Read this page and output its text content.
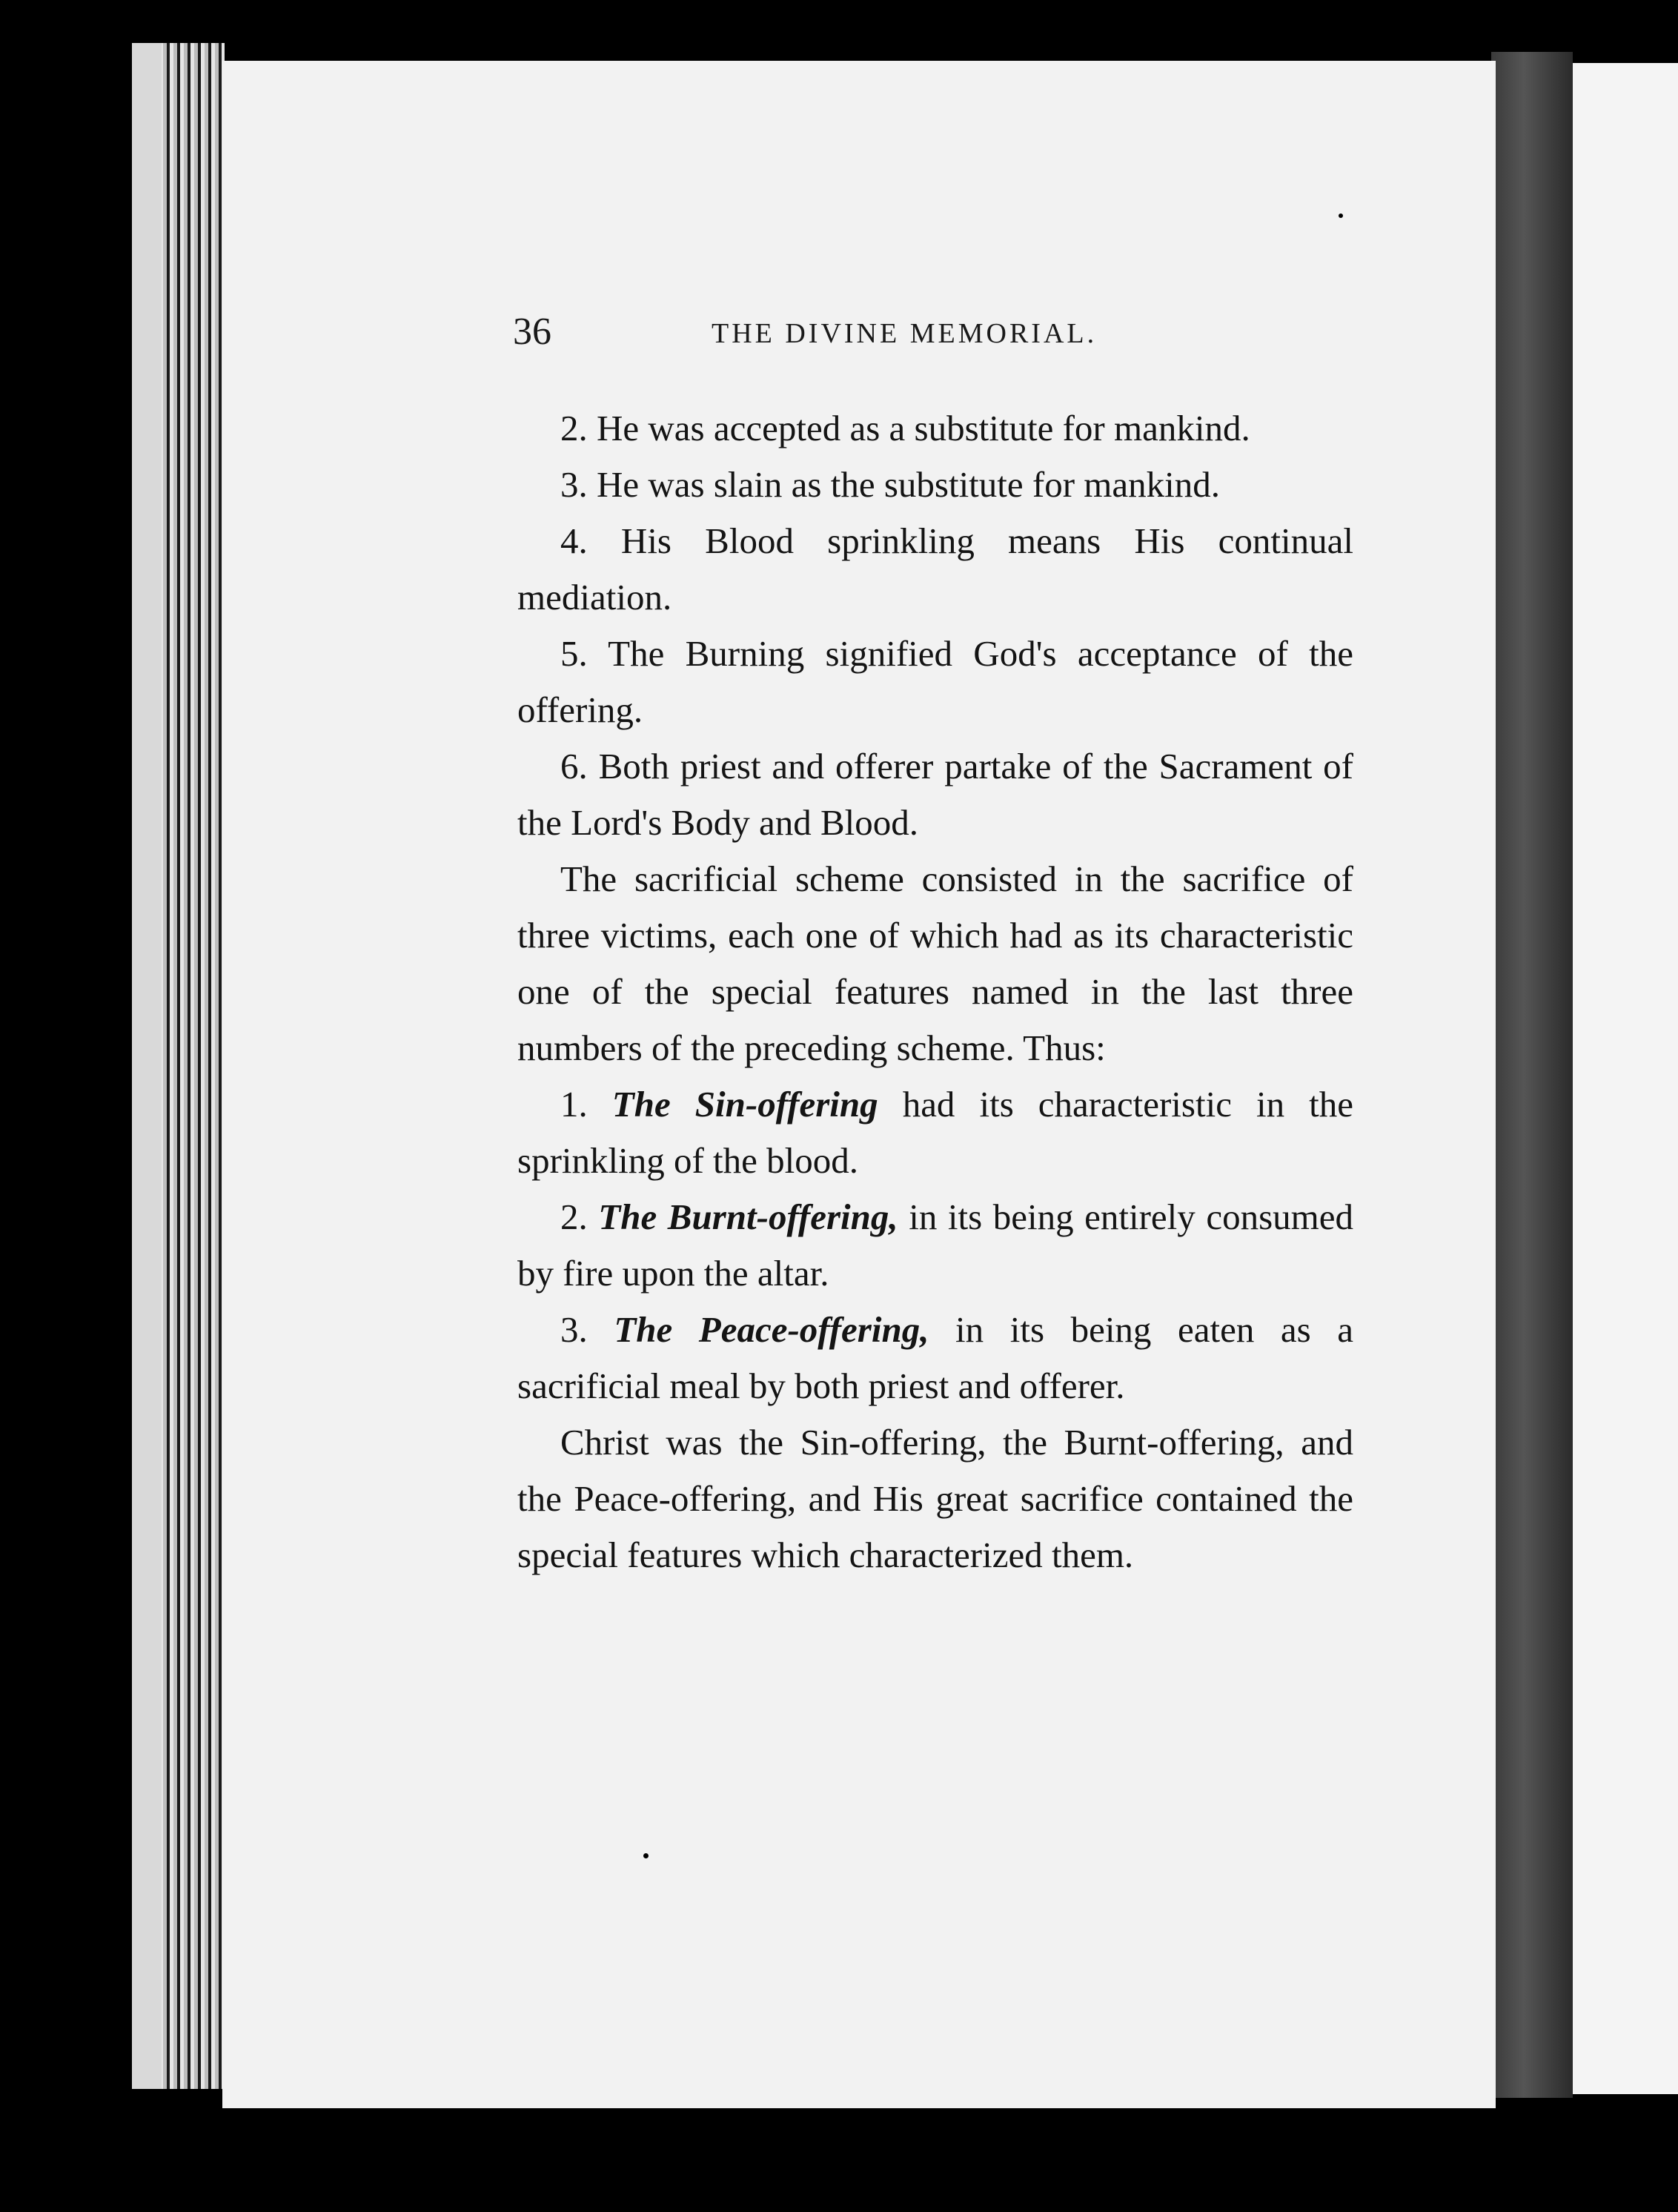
36	THE DIVINE MEMORIAL.

2. He was accepted as a substitute for mankind.

3. He was slain as the substitute for mankind.

4. His Blood sprinkling means His continual mediation.

5. The Burning signified God's acceptance of the offering.

6. Both priest and offerer partake of the Sacrament of the Lord's Body and Blood.

The sacrificial scheme consisted in the sacrifice of three victims, each one of which had as its characteristic one of the special features named in the last three numbers of the preceding scheme. Thus:

1. The Sin-offering had its characteristic in the sprinkling of the blood.

2. The Burnt-offering, in its being entirely consumed by fire upon the altar.

3. The Peace-offering, in its being eaten as a sacrificial meal by both priest and offerer.

Christ was the Sin-offering, the Burnt-offering, and the Peace-offering, and His great sacrifice contained the special features which characterized them.
